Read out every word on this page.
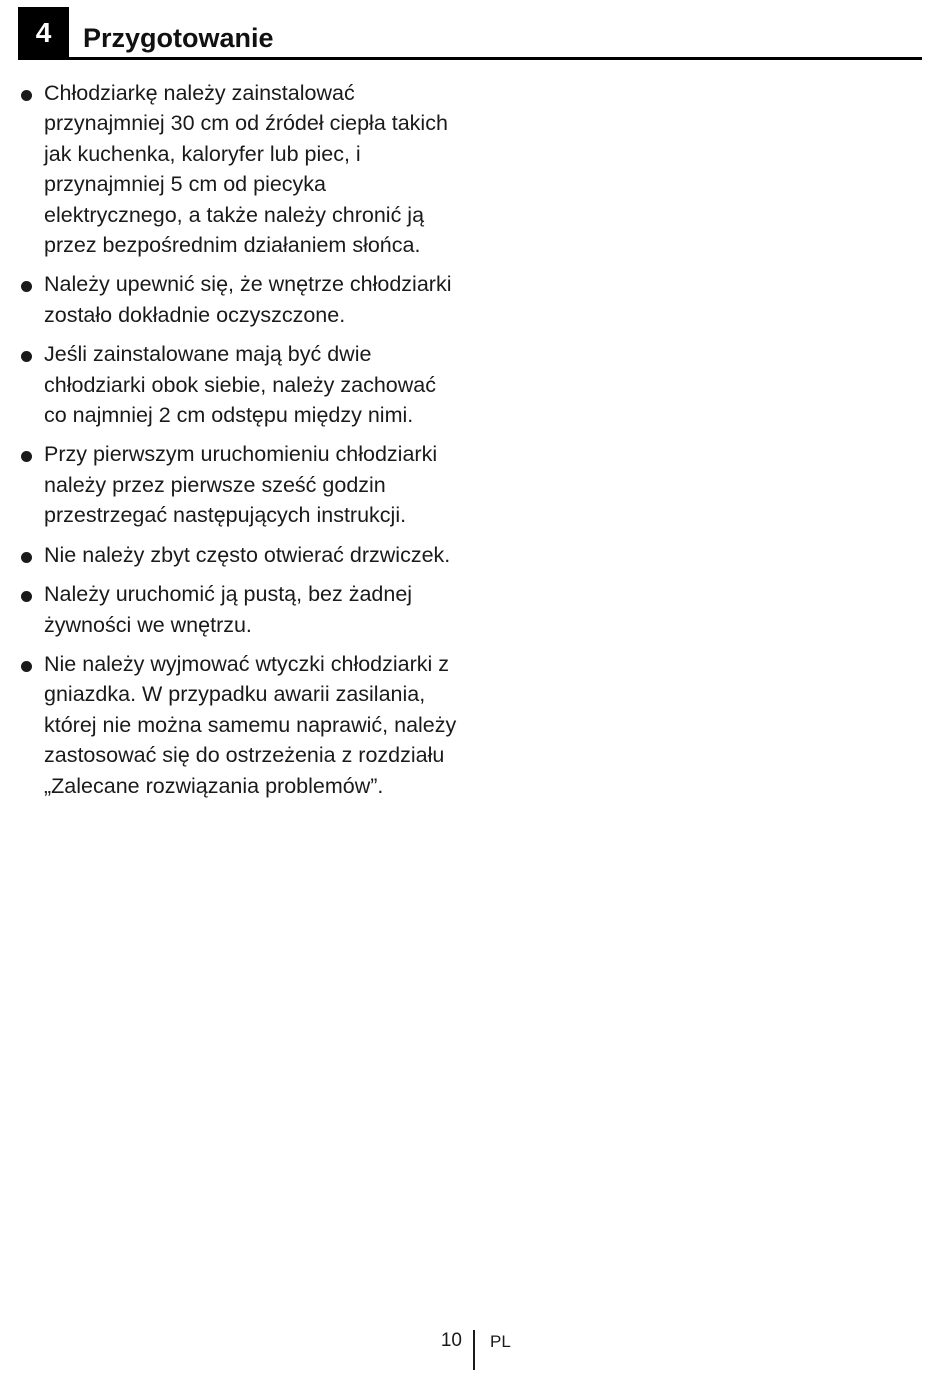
4	Przygotowanie
Chłodziarkę należy zainstalować przynajmniej 30 cm od źródeł ciepła takich jak kuchenka, kaloryfer lub piec, i przynajmniej 5 cm od piecyka elektrycznego, a także należy chronić ją przez bezpośrednim działaniem słońca.
Należy upewnić się, że wnętrze chłodziarki zostało dokładnie oczyszczone.
Jeśli zainstalowane mają być dwie chłodziarki obok siebie, należy zachować co najmniej 2 cm odstępu między nimi.
Przy pierwszym uruchomieniu chłodziarki należy przez pierwsze sześć godzin przestrzegać następujących instrukcji.
Nie należy zbyt często otwierać drzwiczek.
Należy uruchomić ją pustą, bez żadnej żywności we wnętrzu.
Nie należy wyjmować wtyczki chłodziarki z gniazdka. W przypadku awarii zasilania, której nie można samemu naprawić, należy zastosować się do ostrzeżenia z rozdziału „Zalecane rozwiązania problemów”.
10 PL
